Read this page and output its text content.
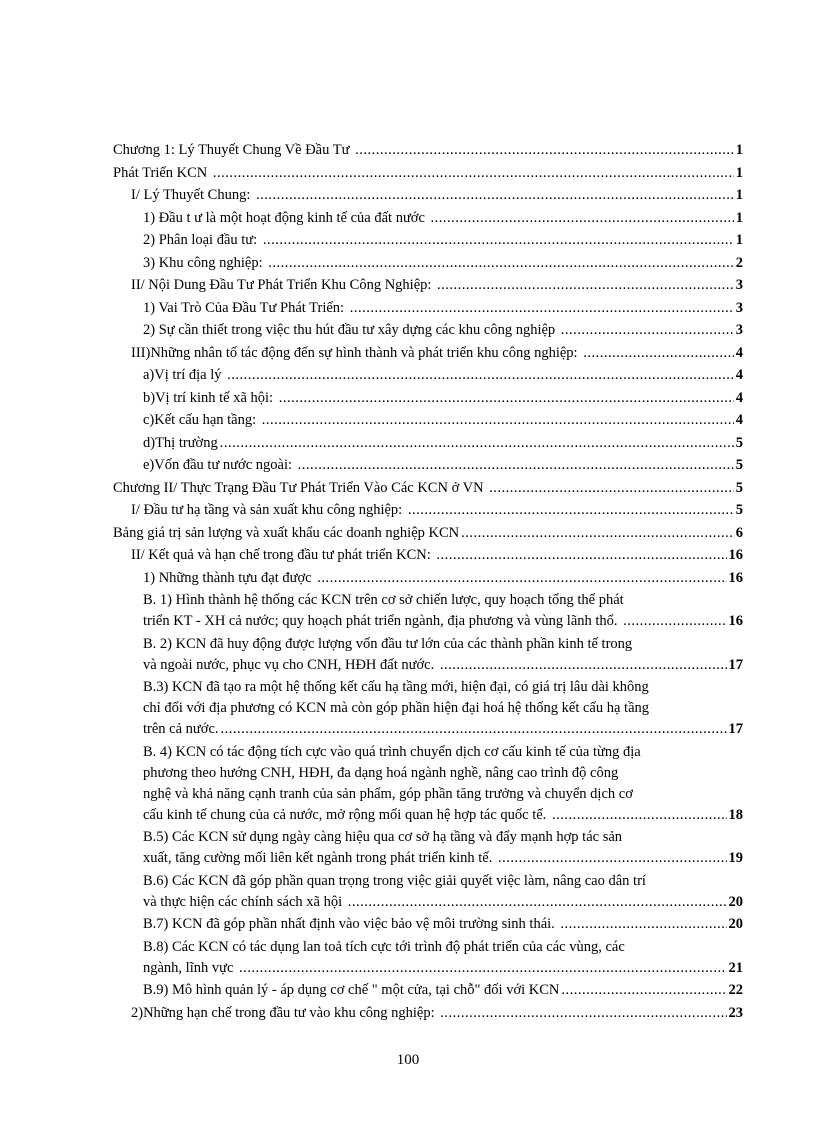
Chương 1: Lý Thuyết Chung Về Đầu Tư .....	1
Phát Triển KCN .....	1
I/ Lý Thuyết Chung: .....	1
1) Đầu t ư là một hoạt động kinh tế của đất nước .....	1
2) Phân loại đầu tư: .....	1
3) Khu công nghiệp: .....	2
II/ Nội Dung Đầu Tư Phát Triển Khu Công Nghiệp: .....	3
1) Vai Trò Của Đầu Tư Phát Triển: .....	3
2) Sự cần thiết trong việc thu hút đầu tư xây dựng các khu công nghiệp .....	3
III)Những nhân tố tác động đến sự hình thành và phát triển khu công nghiệp: .....	4
a)Vị trí địa lý .....	4
b)Vị trí kinh tế xã hội: .....	4
c)Kết cấu hạn tầng: .....	4
d)Thị trường .....	5
e)Vốn đầu tư nước ngoài: .....	5
Chương II/ Thực Trạng Đầu Tư Phát Triển Vào Các KCN ở VN .....	5
I/ Đầu tư hạ tầng và sản xuất khu công nghiệp: .....	5
Bảng giá trị sản lượng và xuất khẩu các doanh nghiệp KCN .....	6
II/ Kết quả và hạn chế trong đầu tư phát triển KCN: .....	16
1) Những thành tựu đạt được .....	16
B. 1) Hình thành hệ thống các KCN trên cơ sở chiến lược, quy hoạch tổng thể phát
triển KT - XH cả nước; quy hoạch phát triển ngành, địa phương và vùng lãnh thổ. .....	16
B. 2) KCN đã huy động được lượng vốn đầu tư lớn của các thành phần kinh tế trong
và ngoài nước, phục vụ cho CNH, HĐH đất nước. .....	17
B.3) KCN đã tạo ra một hệ thống kết cấu hạ tầng mới, hiện đại, có giá trị lâu dài không
chỉ đối với địa phương có KCN mà còn góp phần hiện đại hoá hệ thống kết cấu hạ tầng
trên cả nước. .....	17
B. 4) KCN có tác động tích cực vào quá trình chuyển dịch cơ cấu kinh tế của từng địa
phương theo hướng CNH, HĐH, đa dạng hoá ngành nghề, nâng cao trình độ công
nghệ và khả năng cạnh tranh của sản phẩm, góp phần tăng trưởng và chuyển dịch cơ
cấu kinh tế chung của cả nước, mở rộng mối quan hệ hợp tác quốc tế. .....	18
B.5) Các KCN sử dụng ngày càng hiệu qua cơ sở hạ tầng và đẩy mạnh hợp tác sản
xuất, tăng cường mối liên kết ngành trong phát triển kinh tế. .....	19
B.6) Các KCN đã góp phần quan trọng trong việc giải quyết việc làm, nâng cao dân trí
và thực hiện các chính sách xã hội .....	20
B.7) KCN đã góp phần nhất định vào việc bảo vệ môi trường sinh thái. .....	20
B.8) Các KCN có tác dụng lan toả tích cực tới trình độ phát triển của các vùng, các
ngành, lĩnh vực .....	21
B.9) Mô hình quản lý - áp dụng cơ chế " một cửa, tại chỗ" đối với KCN .....	22
2)Những hạn chế trong đầu tư vào khu công nghiệp: .....	23
100
